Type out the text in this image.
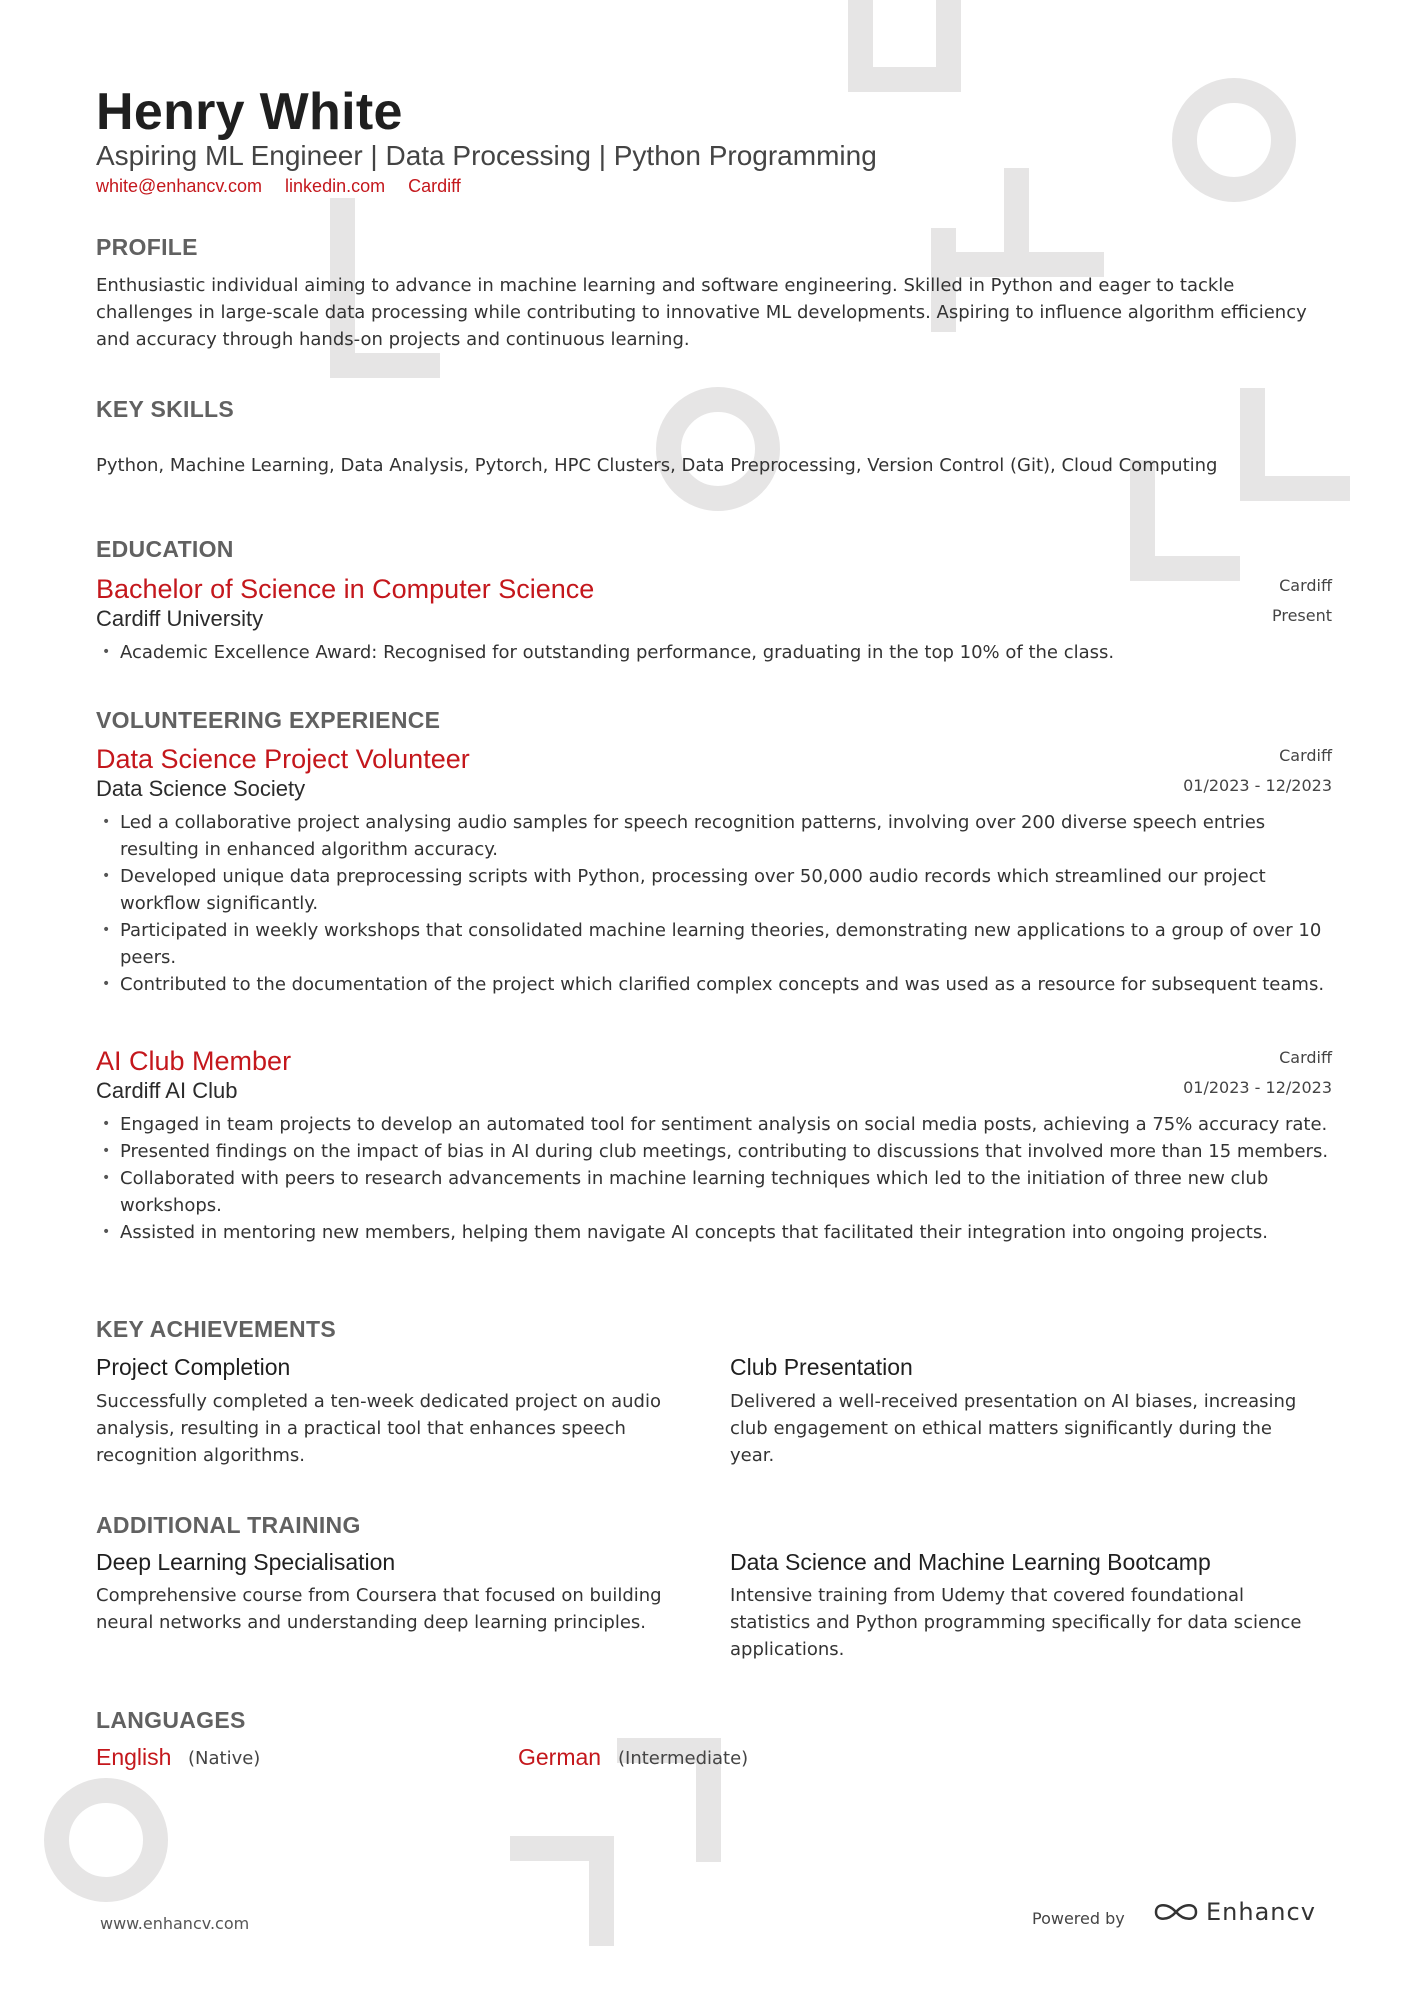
Henry White
Aspiring ML Engineer | Data Processing | Python Programming
white@enhancv.com linkedin.com Cardiff
PROFILE

Enthusiastic individual aiming to advance in machine learning and software engineering. Skilled in Python and eager to tackle challenges in large-scale data processing while contributing to innovative ML developments. Aspiring to influence algorithm efficiency and accuracy through hands-on projects and continuous learning.

KEY SKILLS

Python, Machine Learning, Data Analysis, Pytorch, HPC Clusters, Data Preprocessing, Version Control (Git), Cloud Computing

EDUCATION
Bachelor of Science in Computer Science
Cardiff University
Cardiff
Present
• Academic Excellence Award: Recognised for outstanding performance, graduating in the top 10% of the class.
VOLUNTEERING EXPERIENCE
Data Science Project Volunteer
Data Science Society
Cardiff
01/2023 - 12/2023
• Led a collaborative project analysing audio samples for speech recognition patterns, involving over 200 diverse speech entries resulting in enhanced algorithm accuracy.
• Developed unique data preprocessing scripts with Python, processing over 50,000 audio records which streamlined our project workflow significantly.
• Participated in weekly workshops that consolidated machine learning theories, demonstrating new applications to a group of over 10 peers.
• Contributed to the documentation of the project which clarified complex concepts and was used as a resource for subsequent teams.
AI Club Member
Cardiff AI Club
Cardiff
01/2023 - 12/2023
• Engaged in team projects to develop an automated tool for sentiment analysis on social media posts, achieving a 75% accuracy rate.
• Presented findings on the impact of bias in AI during club meetings, contributing to discussions that involved more than 15 members.
• Collaborated with peers to research advancements in machine learning techniques which led to the initiation of three new club workshops.
• Assisted in mentoring new members, helping them navigate AI concepts that facilitated their integration into ongoing projects.
KEY ACHIEVEMENTS
Project Completion

Successfully completed a ten-week dedicated project on audio analysis, resulting in a practical tool that enhances speech recognition algorithms.

Club Presentation

Delivered a well-received presentation on AI biases, increasing club engagement on ethical matters significantly during the year.

ADDITIONAL TRAINING
Deep Learning Specialisation

Comprehensive course from Coursera that focused on building neural networks and understanding deep learning principles.

Data Science and Machine Learning Bootcamp

Intensive training from Udemy that covered foundational statistics and Python programming specifically for data science applications.

LANGUAGES
English (Native)	German (Intermediate)
www.enhancv.com	Powered by	Enhancv
